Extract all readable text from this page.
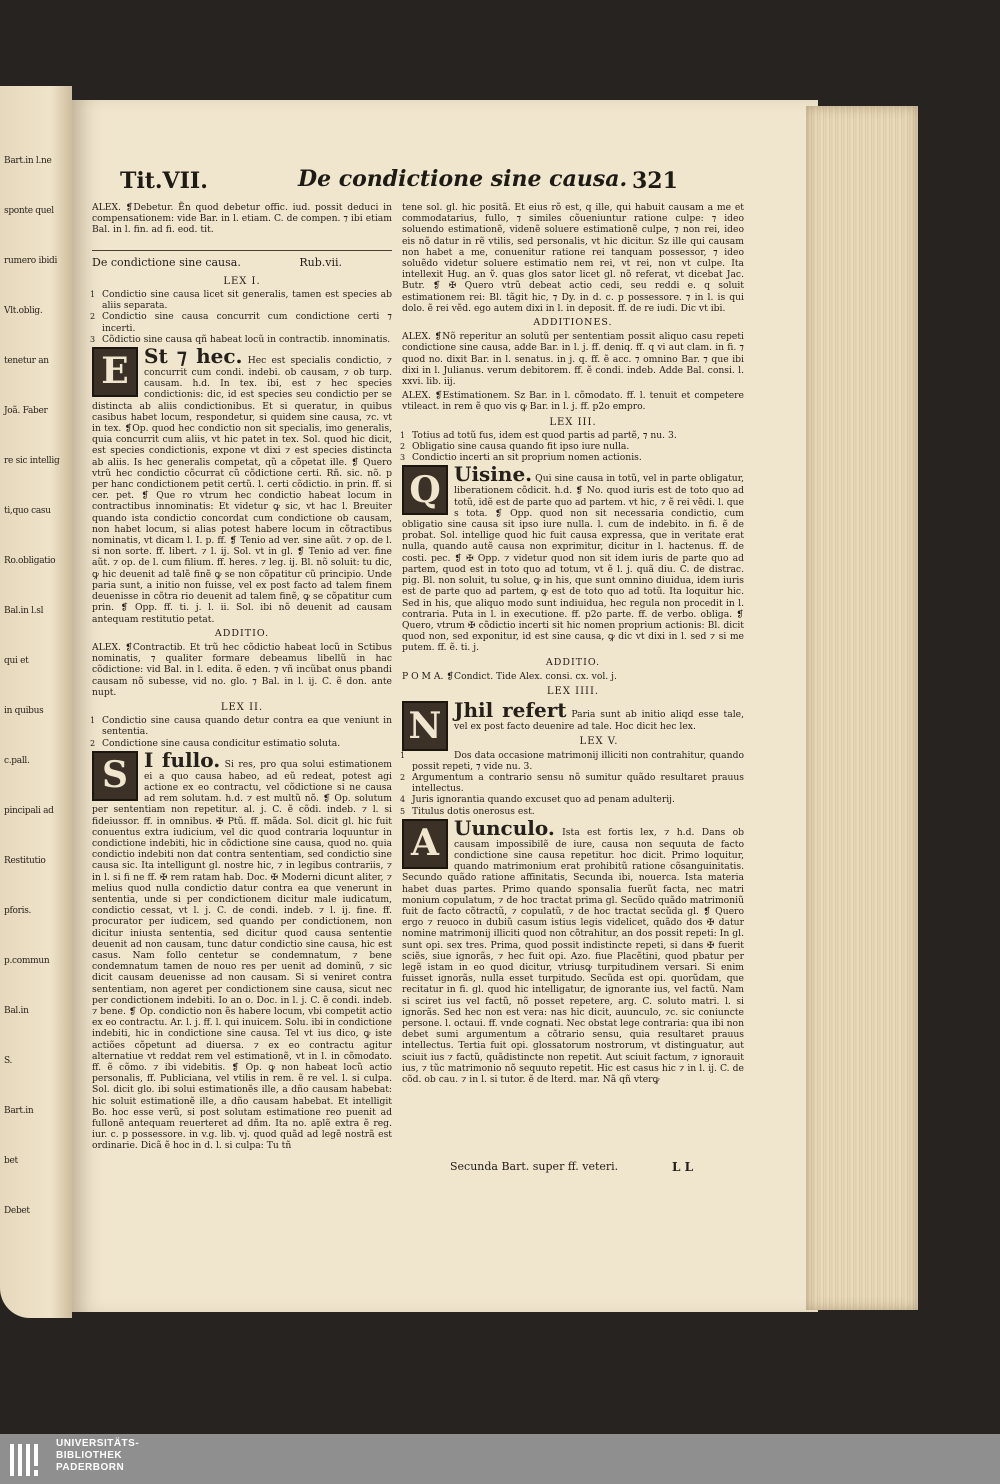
Bart.in l.ne
sponte quel
rumero ibidi
Vlt.oblig.
tenetur an
Joã. Faber
re sic intellig
ti,quo casu
Ro.obligatio
Bal.in l.sl
qui et
in quibus
c.pall.
pincipali ad
Restitutio
pforis.
p.commun
Bal.in
S.
Bart.in
bet
Debet
Tit.VII.	De condictione sine causa. 321

ALEX. ❡Debetur. Ẽn quod debetur offic. iud. possit deduci in compensationem: vide Bar. in l. etiam. C. de compen. ⁊ ibi etiam Bal. in l. fin. ad fi. eod. tit.

De condictione sine causa.	Rub.vii.
LEX I.

1 Condictio sine causa licet sit generalis, tamen est species ab aliis separata.

2 Condictio sine causa concurrit cum condictione certi ⁊ incerti.

3 Cõdictio sine causa qñ habeat locũ in contractib. innominatis.

E St ⁊ hec. Hec est specialis condictio, ⁊ concurrit cum condi. indebi. ob causam, ⁊ ob turp. causam. h.d. In tex. ibi, est ⁊ hec species condictionis: dic, id est species seu condictio per se distincta ab aliis condictionibus. Et si queratur, in quibus casibus habet locum, respondetur, si quidem sine causa, ⁊c. vt in tex. ❡Op. quod hec condictio non sit specialis, imo generalis, quia concurrit cum aliis, vt hic patet in tex. Sol. quod hic dicit, est species condictionis, expone vt dixi ⁊ est species distincta ab aliis. Is hec generalis competat, qũ a cõpetat ille. ❡ Quero vtrũ hec condictio cõcurrat cũ cõdictione certi. Rñ. sic. nõ. p per hanc condictionem petit certũ. l. certi cõdictio. in prin. ff. si cer. pet. ❡ Que ro vtrum hec condictio habeat locum in contractibus innominatis: Et videtur ꝙ sic, vt hac l. Breuiter quando ista condictio concordat cum condictione ob causam, non habet locum, si alias potest habere locum in cõtractibus nominatis, vt dicam l. I. p. ff. ❡ Tenio ad ver. sine aũt. ⁊ op. de l. si non sorte. ff. libert. ⁊ l. ij. Sol. vt in gl. ❡ Tenio ad ver. fine aũt. ⁊ op. de l. cum filium. ff. heres. ⁊ leg. ij. Bl. nõ soluit: tu dic, ꝙ hic deuenit ad talẽ finẽ ꝙ se non cõpatitur cũ principio. Unde paria sunt, a initio non fuisse, vel ex post facto ad talem finem deuenisse in cõtra rio deuenit ad talem finẽ, ꝙ se cõpatitur cum prin. ❡ Opp. ff. ti. j. l. ii. Sol. ibi nõ deuenit ad causam antequam restitutio petat.

ADDITIO.

ALEX. ❡Contractib. Et trũ hec cõdictio habeat locũ in Sctibus nominatis, ⁊ qualiter formare debeamus libellũ in hac cõdictione: vid Bal. in l. edita. ẽ eden. ⁊ vñ incũbat onus pbandi causam nõ subesse, vid no. glo. ⁊ Bal. in l. ij. C. ẽ don. ante nupt.

LEX II.

1 Condictio sine causa quando detur contra ea que veniunt in sententia.

2 Condictione sine causa condicitur estimatio soluta.

S I fullo. Si res, pro qua solui estimationem ei a quo causa habeo, ad eũ redeat, potest agi actione ex eo contractu, vel cõdictione si ne causa ad rem solutam. h.d. ⁊ est multũ nõ. ❡ Op. solutum per sententiam non repetitur. al. j. C. ẽ cõdi. indeb. ⁊ l. si fideiussor. ff. in omnibus. ✠ Ptũ. ff. mãda. Sol. dicit gl. hic fuit conuentus extra iudicium, vel dic quod contraria loquuntur in condictione indebiti, hic in cõdictione sine causa, quod no. quia condictio indebiti non dat contra sententiam, sed condictio sine causa sic. Ita intelligunt gl. nostre hic, ⁊ in legibus contrariis, ⁊ in l. si fi ne ff. ✠ rem ratam hab. Doc. ✠ Moderni dicunt aliter, ⁊ melius quod nulla condictio datur contra ea que venerunt in sententia, unde si per condictionem dicitur male iudicatum, condictio cessat, vt l. j. C. de condi. indeb. ⁊ l. ij. fine. ff. procurator per iudicem, sed quando per condictionem, non dicitur iniusta sententia, sed dicitur quod causa sententie deuenit ad non causam, tunc datur condictio sine causa, hic est casus. Nam follo centetur se condemnatum, ⁊ bene condemnatum tamen de nouo res per uenit ad dominũ, ⁊ sic dicit causam deuenisse ad non causam. Si si veniret contra sententiam, non ageret per condictionem sine causa, sicut nec per condictionem indebiti. Io an o. Doc. in l. j. C. ẽ condi. indeb. ⁊ bene. ❡ Op. condictio non ẽs habere locum, vbi competit actio ex eo contractu. Ar. l. j. ff. l. qui inuicem. Solu. ibi in condictione indebiti, hic in condictione sine causa. Tel vt ius dico, ꝙ iste actiões cõpetunt ad diuersa. ⁊ ex eo contractu agitur alternatiue vt reddat rem vel estimationẽ, vt in l. in cõmodato. ff. ẽ cõmo. ⁊ ibi videbitis. ❡ Op. ꝙ non habeat locũ actio personalis, ff. Publiciana, vel vtilis in rem. ẽ re vel. l. si culpa. Sol. dicit glo. ibi solui estimationẽs ille, a dño causam habebat: hic soluit estimationẽ ille, a dño causam habebat. Et intelligit Bo. hoc esse verũ, si post solutam estimatione reo puenit ad fullonẽ antequam reuerteret ad dñm. Ita no. aplẽ extra ẽ reg. iur. c. p possessore. in v.g. lib. vj. quod quãd ad legẽ nostrã est ordinarie. Dicã ẽ hoc in d. l. si culpa: Tu tñ

tene sol. gl. hic positã. Et eius rõ est, q ille, qui habuit causam a me et commodatarius, fullo, ⁊ similes cõueniuntur ratione culpe: ⁊ ideo soluendo estimationẽ, videnẽ soluere estimationẽ culpe, ⁊ non rei, ideo eis nõ datur in rẽ vtilis, sed personalis, vt hic dicitur. Sz ille qui causam non habet a me, conuenitur ratione rei tanquam possessor, ⁊ ideo soluẽdo videtur soluere estimatio nem rei, vt rei, non vt culpe. Ita intellexit Hug. an ṽ. quas glos sator licet gl. nõ referat, vt dicebat Jac. Butr. ❡ ✠ Quero vtrũ debeat actio cedi, seu reddi e. q soluit estimationem rei: Bl. tãgit hic, ⁊ Dy. in d. c. p possessore. ⁊ in l. is qui dolo. ẽ rei vẽd. ego autem dixi in l. in deposit. ff. de re iudi. Dic vt ibi.

ADDITIONES.

ALEX. ❡Nõ reperitur an solutũ per sententiam possit aliquo casu repeti condictione sine causa, adde Bar. in l. j. ff. deniq. ff. q vi aut clam. in fi. ⁊ quod no. dixit Bar. in l. senatus. in j. q. ff. ẽ acc. ⁊ omnino Bar. ⁊ que ibi dixi in l. Julianus. verum debitorem. ff. ẽ condi. indeb. Adde Bal. consi. l. xxvi. lib. iij.

ALEX. ❡Estimationem. Sz Bar. in l. cõmodato. ff. l. tenuit et competere vtileact. in rem ẽ quo vis ꝙ Bar. in l. j. ff. p2o empro.

LEX III.

1 Totius ad totũ fus, idem est quod partis ad partẽ, ⁊ nu. 3.

2 Obligatio sine causa quando fit ipso iure nulla.

3 Condictio incerti an sit proprium nomen actionis.

Q Uisine. Qui sine causa in totũ, vel in parte obligatur, liberationem cõdicit. h.d. ❡ No. quod iuris est de toto quo ad totũ, idẽ est de parte quo ad partem. vt hic, ⁊ ẽ rei vẽdi. l. que s tota. ❡ Opp. quod non sit necessaria condictio, cum obligatio sine causa sit ipso iure nulla. l. cum de indebito. in fi. ẽ de probat. Sol. intellige quod hic fuit causa expressa, que in veritate erat nulla, quando autẽ causa non exprimitur, dicitur in l. hactenus. ff. de costi. pec. ❡ ✠ Opp. ⁊ videtur quod non sit idem iuris de parte quo ad partem, quod est in toto quo ad totum, vt ẽ l. j. quã diu. C. de distrac. pig. Bl. non soluit, tu solue, ꝙ in his, que sunt omnino diuidua, idem iuris est de parte quo ad partem, ꝙ est de toto quo ad totũ. Ita loquitur hic. Sed in his, que aliquo modo sunt indiuidua, hec regula non procedit in l. contraria. Puta in l. in executione. ff. p2o parte. ff. de verbo. obliga. ❡ Quero, vtrum ✠ cõdictio incerti sit hic nomen proprium actionis: Bl. dicit quod non, sed exponitur, id est sine causa, ꝙ dic vt dixi in l. sed ⁊ si me putem. ff. ẽ. ti. j.

ADDITIO.

P O M A. ❡Condict. Tide Alex. consi. cx. vol. j.

LEX IIII.

N Jhil refert Paria sunt ab initio aliqd esse tale, vel ex post facto deuenire ad tale. Hoc dicit hec lex.

LEX V.

1	Dos data occasione matrimonij illiciti non contrahitur, quando possit repeti, ⁊ vide nu. 3.

2 Argumentum a contrario sensu nõ sumitur quãdo resultaret prauus intellectus.

4 Juris ignorantia quando excuset quo ad penam adulterij.

5 Titulus dotis onerosus est.

A Uunculo. Ista est fortis lex, ⁊ h.d. Dans ob causam impossibilẽ de iure, causa non sequuta de facto condictione sine causa repetitur. hoc dicit. Primo loquitur, quando matrimonium erat prohibitũ ratione cõsanguinitatis. Secundo quãdo ratione affinitatis, Secunda ibi, nouerca. Ista materia habet duas partes. Primo quando sponsalia fuerũt facta, nec matri monium copulatum, ⁊ de hoc tractat prima gl. Secũdo quãdo matrimoniũ fuit de facto cõtractũ, ⁊ copulatũ, ⁊ de hoc tractat secũda gl. ❡ Quero ergo ⁊ reuoco in dubiũ casum istius legis videlicet, quãdo dos ✠ datur nomine matrimonij illiciti quod non cõtrahitur, an dos possit repeti: In gl. sunt opi. sex tres. Prima, quod possit indistincte repeti, si dans ✠ fuerit sciẽs, siue ignorãs, ⁊ hec fuit opi. Azo. fiue Placẽtini, quod pbatur per legẽ istam in eo quod dicitur, vtriusꝙ turpitudinem versari. Si enim fuisset ignorãs, nulla esset turpitudo. Secũda est opi. quorũdam, que recitatur in fi. gl. quod hic intelligatur, de ignorante ius, vel factũ. Nam si sciret ius vel factũ, nõ posset repetere, arg. C. soluto matri. l. si ignorãs. Sed hec non est vera: nas hic dicit, auunculo, ⁊c. sic coniuncte persone. l. octaui. ff. vnde cognati. Nec obstat lege contraria: qua ibi non debet sumi argumentum a cõtrario sensu, quia resultaret prauus intellectus. Tertia fuit opi. glossatorum nostrorum, vt distinguatur, aut sciuit ius ⁊ factũ, quãdistincte non repetit. Aut sciuit factum, ⁊ ignorauit ius, ⁊ tũc matrimonio nõ sequuto repetit. Hic est casus hic ⁊ in l. ij. C. de cõd. ob cau. ⁊ in l. si tutor. ẽ de lterd. mar. Nã qñ vterꝙ

Secunda Bart. super ff. veteri.	L L
UNIVERSITÄTS-
BIBLIOTHEK
PADERBORN
